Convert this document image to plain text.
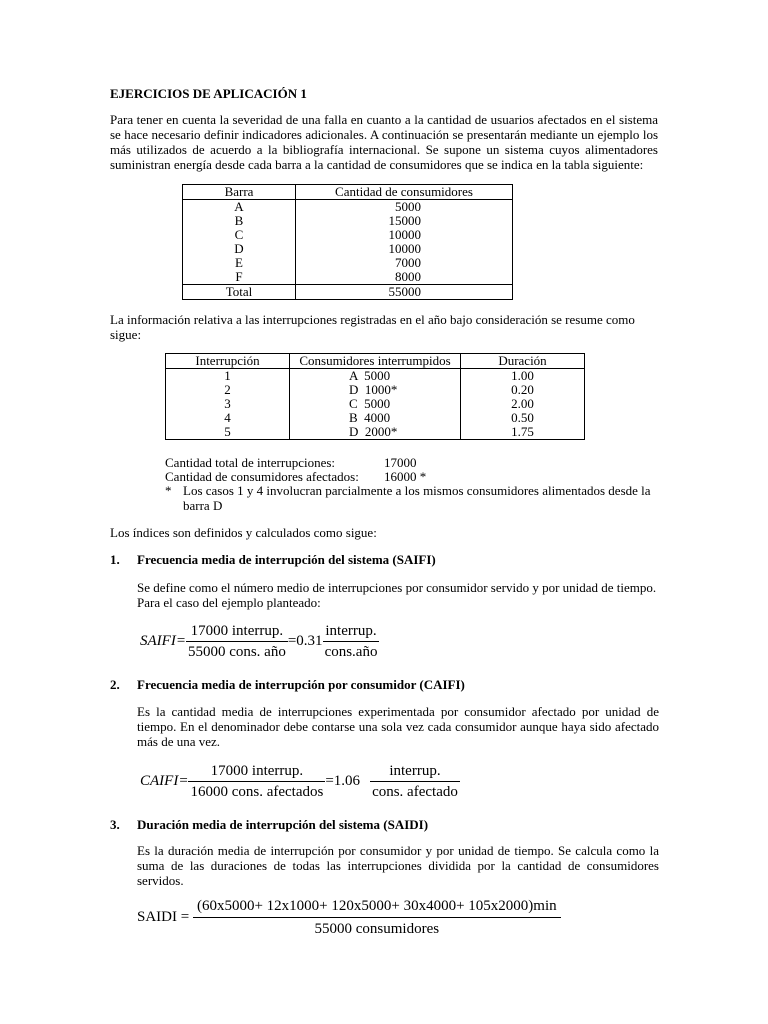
EJERCICIOS DE APLICACIÓN 1

Para tener en cuenta la severidad de una falla en cuanto a la cantidad de usuarios afectados en el sistema se hace necesario definir indicadores adicionales. A continuación se presentarán mediante un ejemplo los más utilizados de acuerdo a la bibliografía internacional. Se supone un sistema cuyos alimentadores suministran energía desde cada barra a la cantidad de consumidores que se indica en la tabla siguiente:

Barra	Cantidad de consumidores
A	5000
B	15000
C	10000
D	10000
E	7000
F	8000
Total	55000

La información relativa a las interrupciones registradas en el año bajo consideración se resume como sigue:

Interrupción	Consumidores interrumpidos	Duración
1	A  5000	1.00
2	D  1000*	0.20
3	C  5000	2.00
4	B  4000	0.50
5	D  2000*	1.75
Cantidad total de interrupciones:	17000
Cantidad de consumidores afectados: 16000 *
* Los casos 1 y 4 involucran parcialmente a los mismos consumidores alimentados desde la barra D

Los índices son definidos y calculados como sigue:

1. Frecuencia media de interrupción del sistema (SAIFI)

Se define como el número medio de interrupciones por consumidor servido y por unidad de tiempo. Para el caso del ejemplo planteado:

SAIFI= $\frac{\text{17000 interrup.}}{\text{55000 cons. año}} =0.31 \frac{\text{interrup.}}{\text{cons.año}}$
2. Frecuencia media de interrupción por consumidor (CAIFI)

Es la cantidad media de interrupciones experimentada por consumidor afectado por unidad de tiempo. En el denominador debe contarse una sola vez cada consumidor aunque haya sido afectado más de una vez.

CAIFI= $\frac{\text{17000 interrup.}}{\text{16000 cons. afectados}} =1.06 \frac{\text{interrup.}}{\text{cons. afectado}}$
3. Duración media de interrupción del sistema (SAIDI)

Es la duración media de interrupción por consumidor y por unidad de tiempo. Se calcula como la suma de las duraciones de todas las interrupciones dividida por la cantidad de consumidores servidos.

SAIDI = $\frac{(60x5000+ 12x1000+ 120x5000+ 30x4000+ 105x2000)\min}{\text{55000 consumidores}}$
